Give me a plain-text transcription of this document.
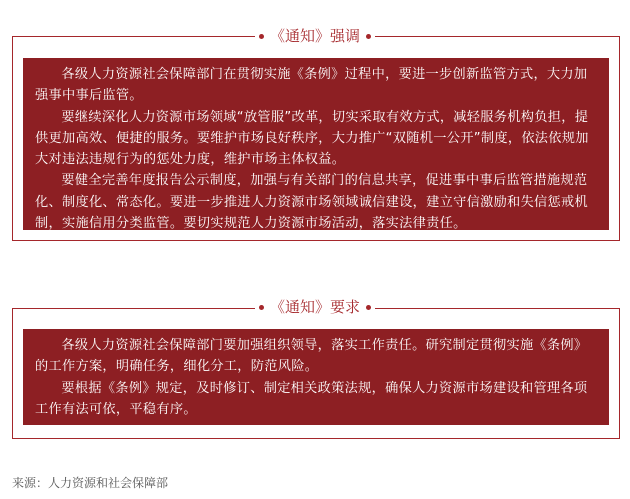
各级人力资源社会保障部门在贯彻实施《条例》过程中，要进一步创新监管方式，大力加强事中事后监管。

要继续深化人力资源市场领域“放管服”改革，切实采取有效方式，减轻服务机构负担，提供更加高效、便捷的服务。要维护市场良好秩序，大力推广“双随机一公开”制度，依法依规加大对违法违规行为的惩处力度，维护市场主体权益。

要健全完善年度报告公示制度，加强与有关部门的信息共享，促进事中事后监管措施规范化、制度化、常态化。要进一步推进人力资源市场领域诚信建设，建立守信激励和失信惩戒机制，实施信用分类监管。要切实规范人力资源市场活动，落实法律责任。

《通知》强调

各级人力资源社会保障部门要加强组织领导，落实工作责任。研究制定贯彻实施《条例》的工作方案，明确任务，细化分工，防范风险。

要根据《条例》规定，及时修订、制定相关政策法规，确保人力资源市场建设和管理各项工作有法可依，平稳有序。

《通知》要求
来源：人力资源和社会保障部
